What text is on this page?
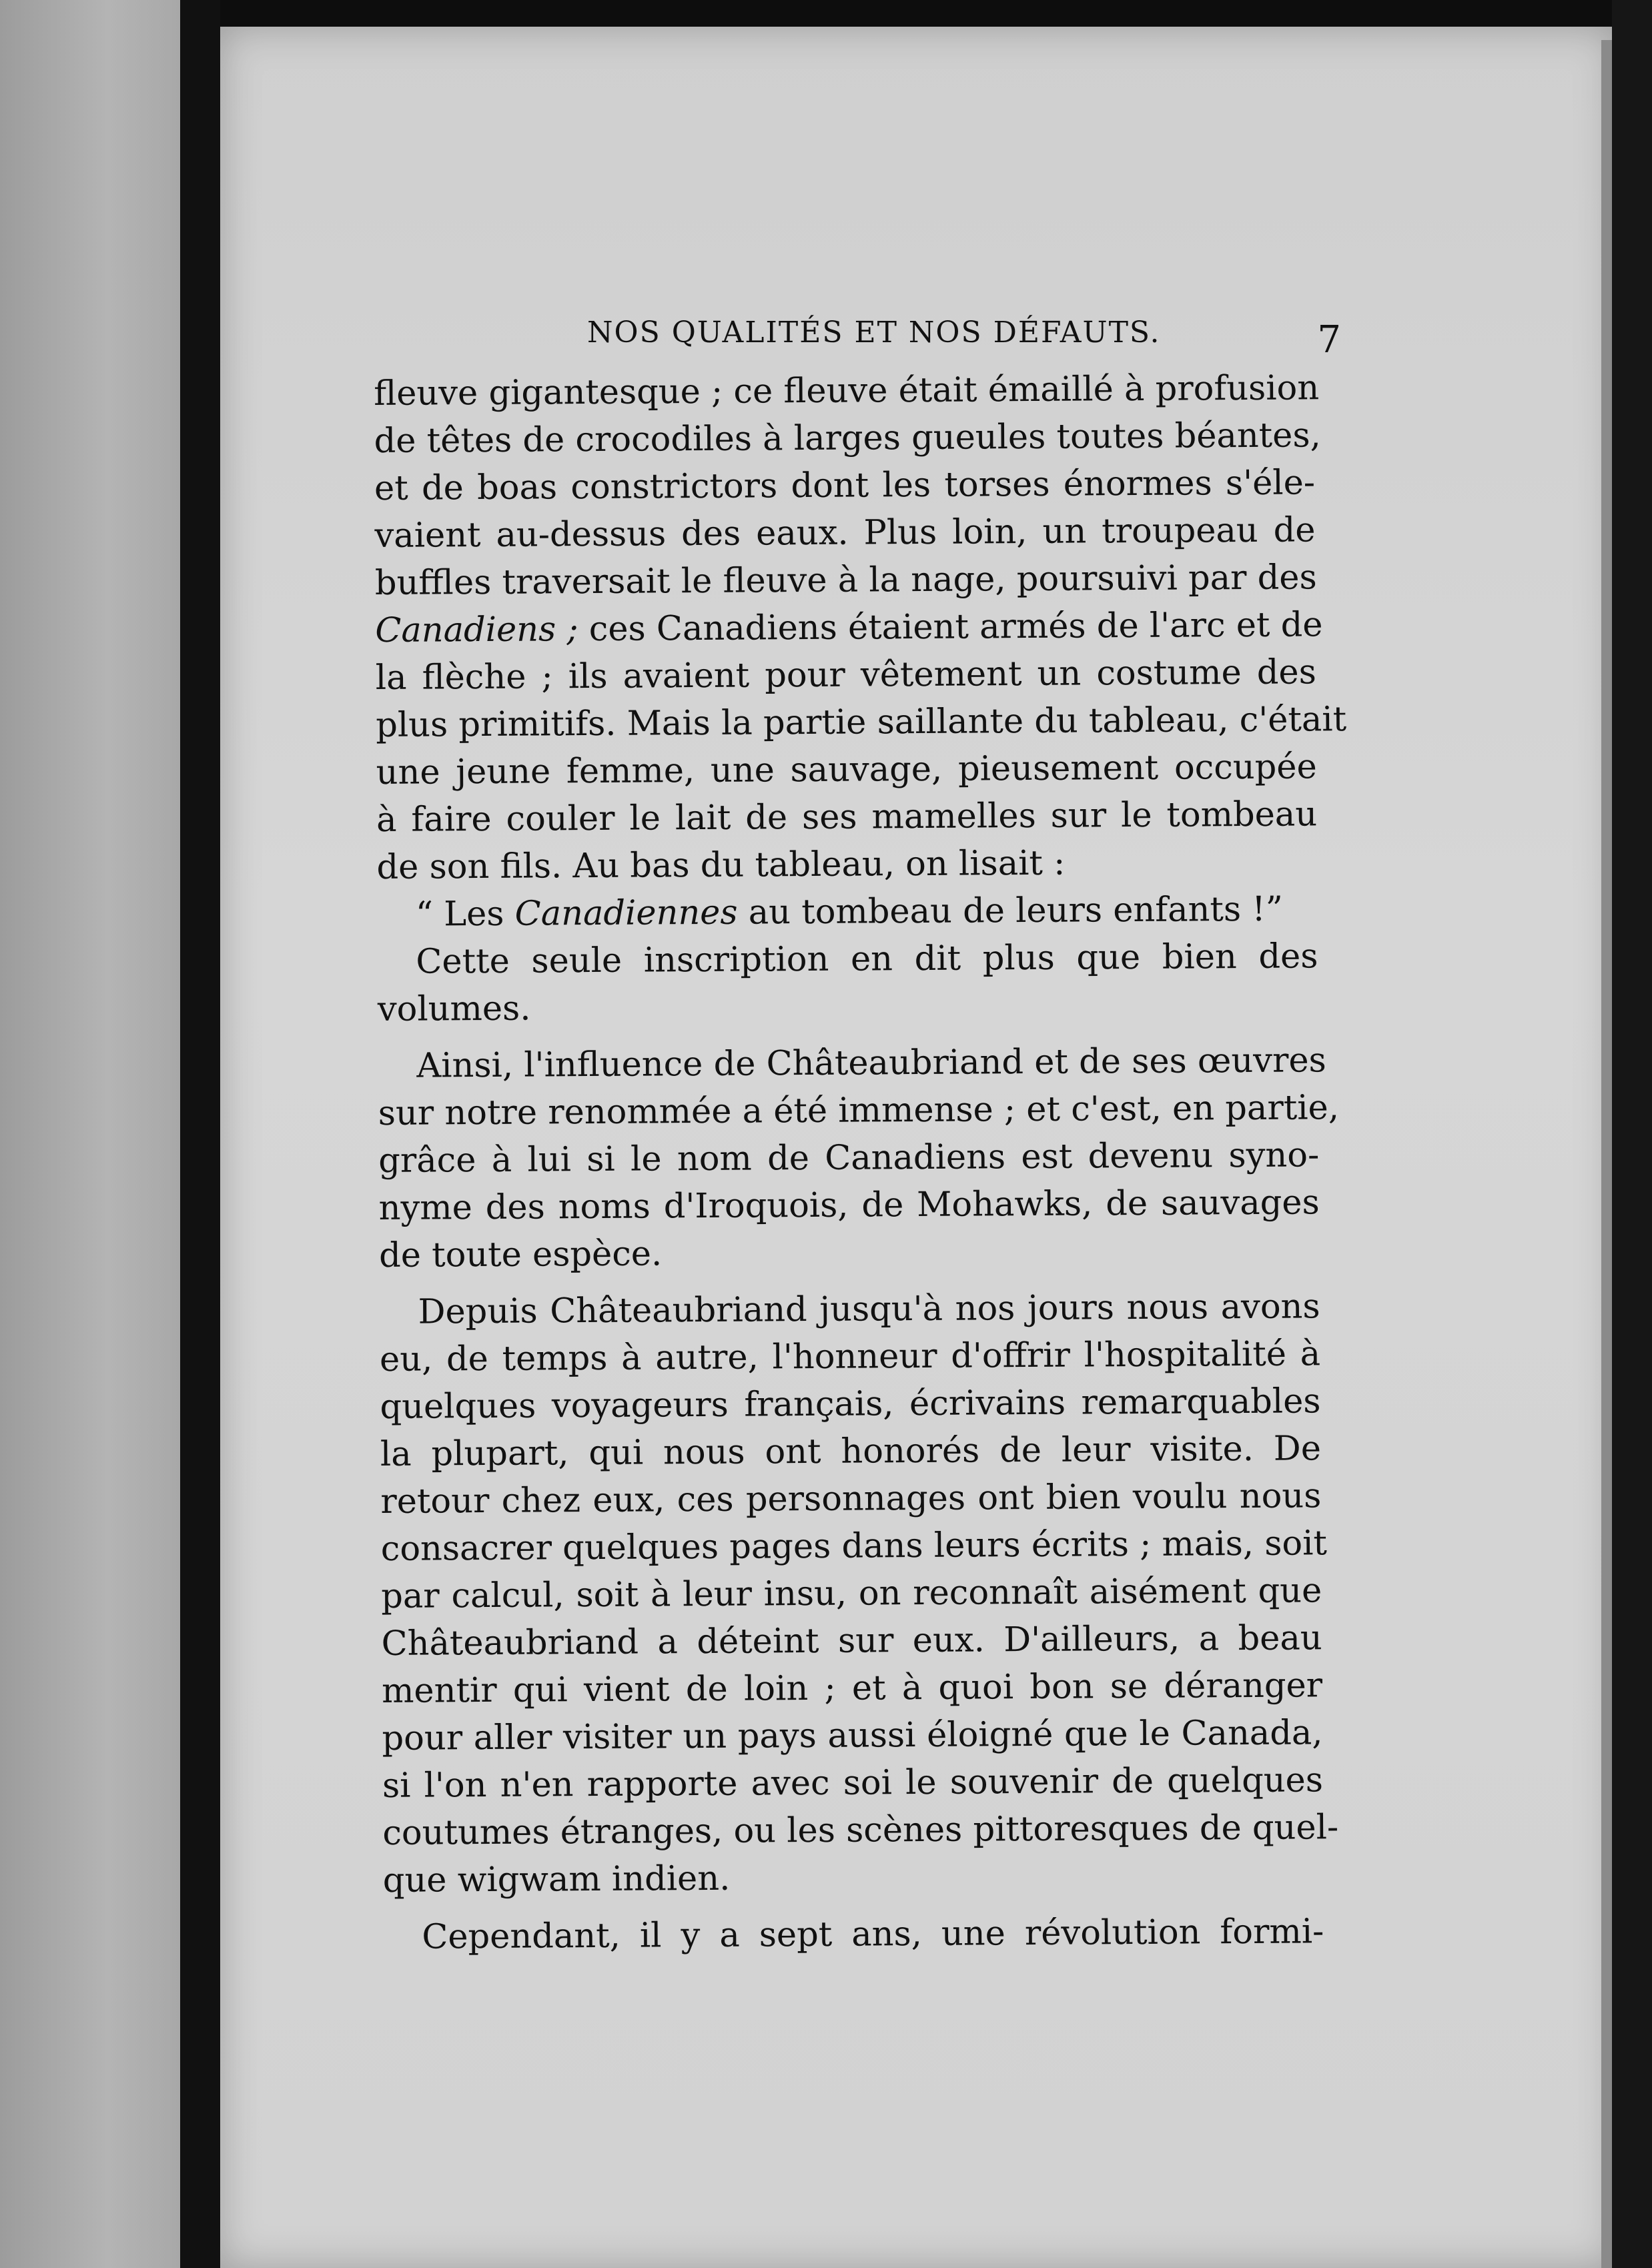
NOS QUALITÉS ET NOS DÉFAUTS.	7
fleuve gigantesque ; ce fleuve était émaillé à profusion
de têtes de crocodiles à larges gueules toutes béantes,
et de boas constrictors dont les torses énormes s'éle-
vaient au-dessus des eaux. Plus loin, un troupeau de
buffles traversait le fleuve à la nage, poursuivi par des
Canadiens ; ces Canadiens étaient armés de l'arc et de
la flèche ; ils avaient pour vêtement un costume des
plus primitifs. Mais la partie saillante du tableau, c'était
une jeune femme, une sauvage, pieusement occupée
à faire couler le lait de ses mamelles sur le tombeau
de son fils. Au bas du tableau, on lisait :
“ Les Canadiennes au tombeau de leurs enfants !”
Cette seule inscription en dit plus que bien des
volumes.
Ainsi, l'influence de Châteaubriand et de ses œuvres
sur notre renommée a été immense ; et c'est, en partie,
grâce à lui si le nom de Canadiens est devenu syno-
nyme des noms d'Iroquois, de Mohawks, de sauvages
de toute espèce.
Depuis Châteaubriand jusqu'à nos jours nous avons
eu, de temps à autre, l'honneur d'offrir l'hospitalité à
quelques voyageurs français, écrivains remarquables
la plupart, qui nous ont honorés de leur visite. De
retour chez eux, ces personnages ont bien voulu nous
consacrer quelques pages dans leurs écrits ; mais, soit
par calcul, soit à leur insu, on reconnaît aisément que
Châteaubriand a déteint sur eux. D'ailleurs, a beau
mentir qui vient de loin ; et à quoi bon se déranger
pour aller visiter un pays aussi éloigné que le Canada,
si l'on n'en rapporte avec soi le souvenir de quelques
coutumes étranges, ou les scènes pittoresques de quel-
que wigwam indien.
Cependant, il y a sept ans, une révolution formi-
